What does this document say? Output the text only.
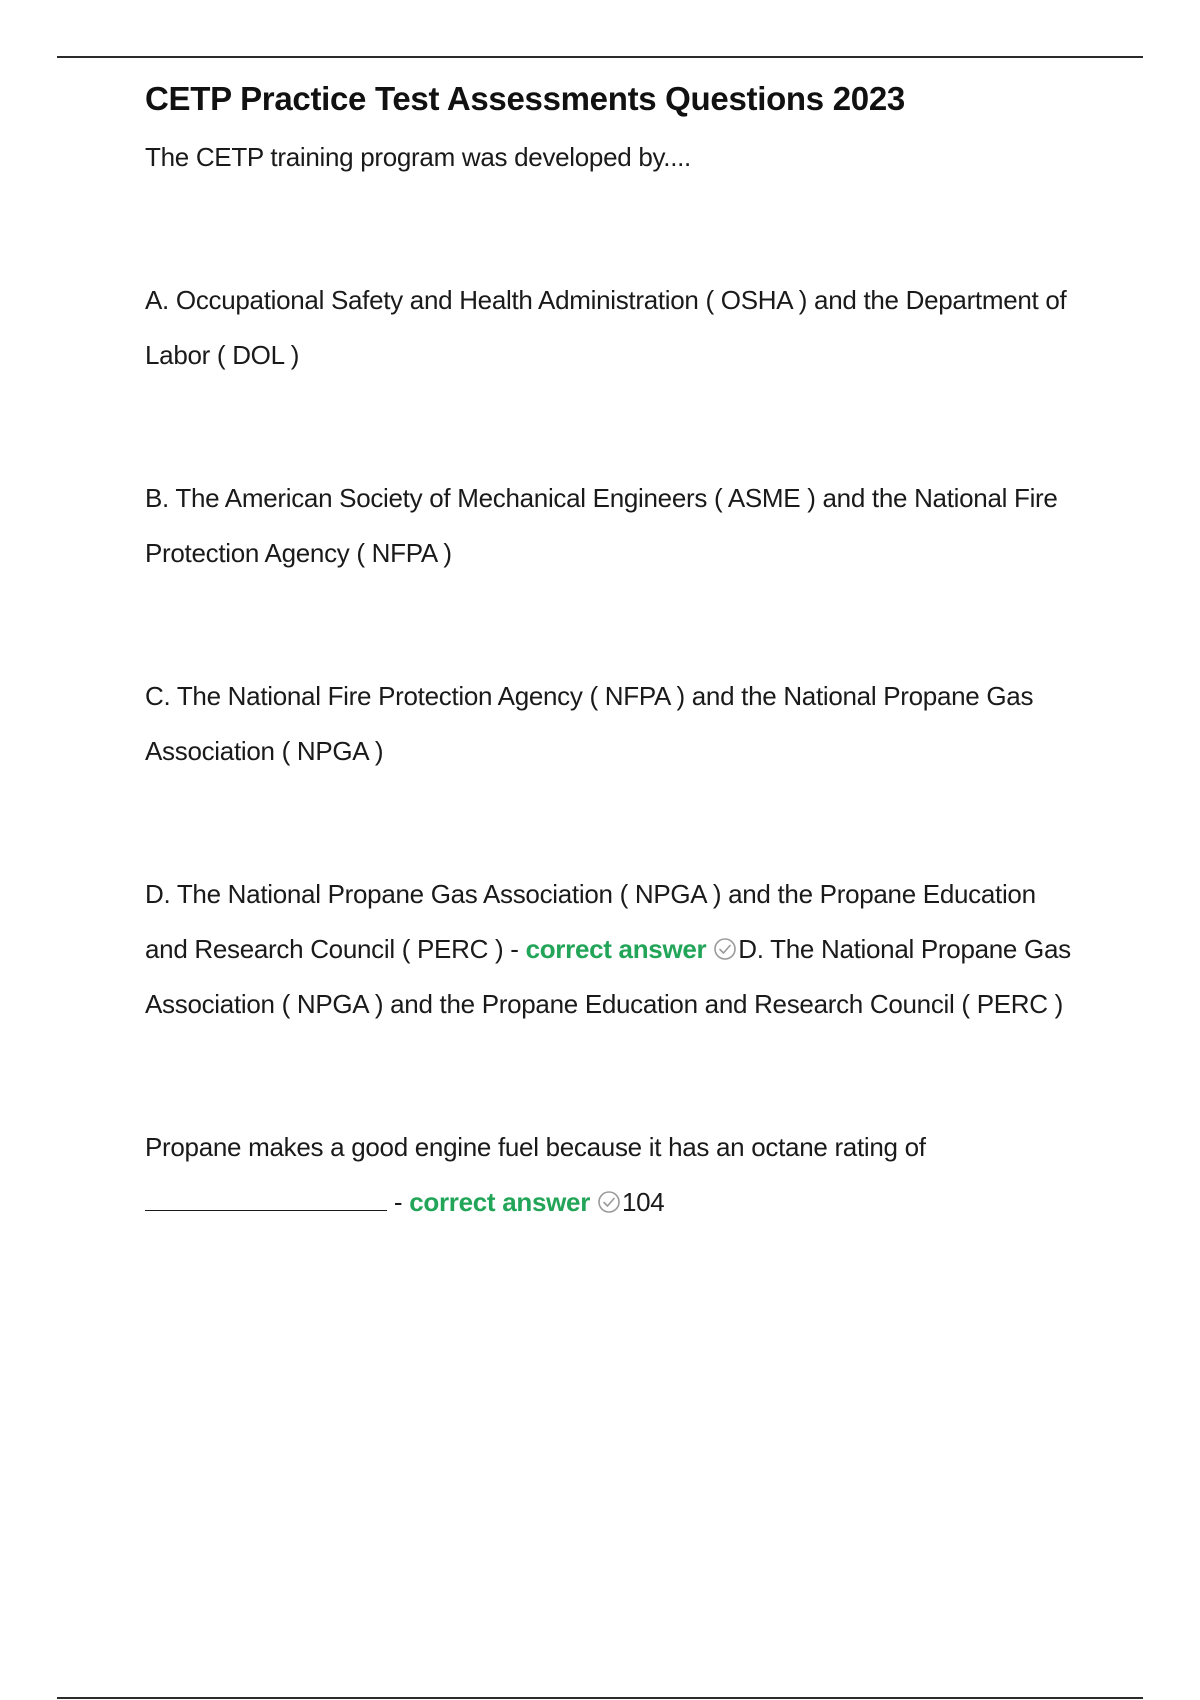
CETP Practice Test Assessments Questions 2023

The CETP training program was developed by....

A. Occupational Safety and Health Administration ( OSHA ) and the Department of Labor ( DOL )

B. The American Society of Mechanical Engineers ( ASME ) and the National Fire Protection Agency ( NFPA )

C. The National Fire Protection Agency ( NFPA ) and the National Propane Gas Association ( NPGA )

D. The National Propane Gas Association ( NPGA ) and the Propane Education and Research Council ( PERC ) - correct answer D. The National Propane Gas Association ( NPGA ) and the Propane Education and Research Council ( PERC )

Propane makes a good engine fuel because it has an octane rating of - correct answer 104
